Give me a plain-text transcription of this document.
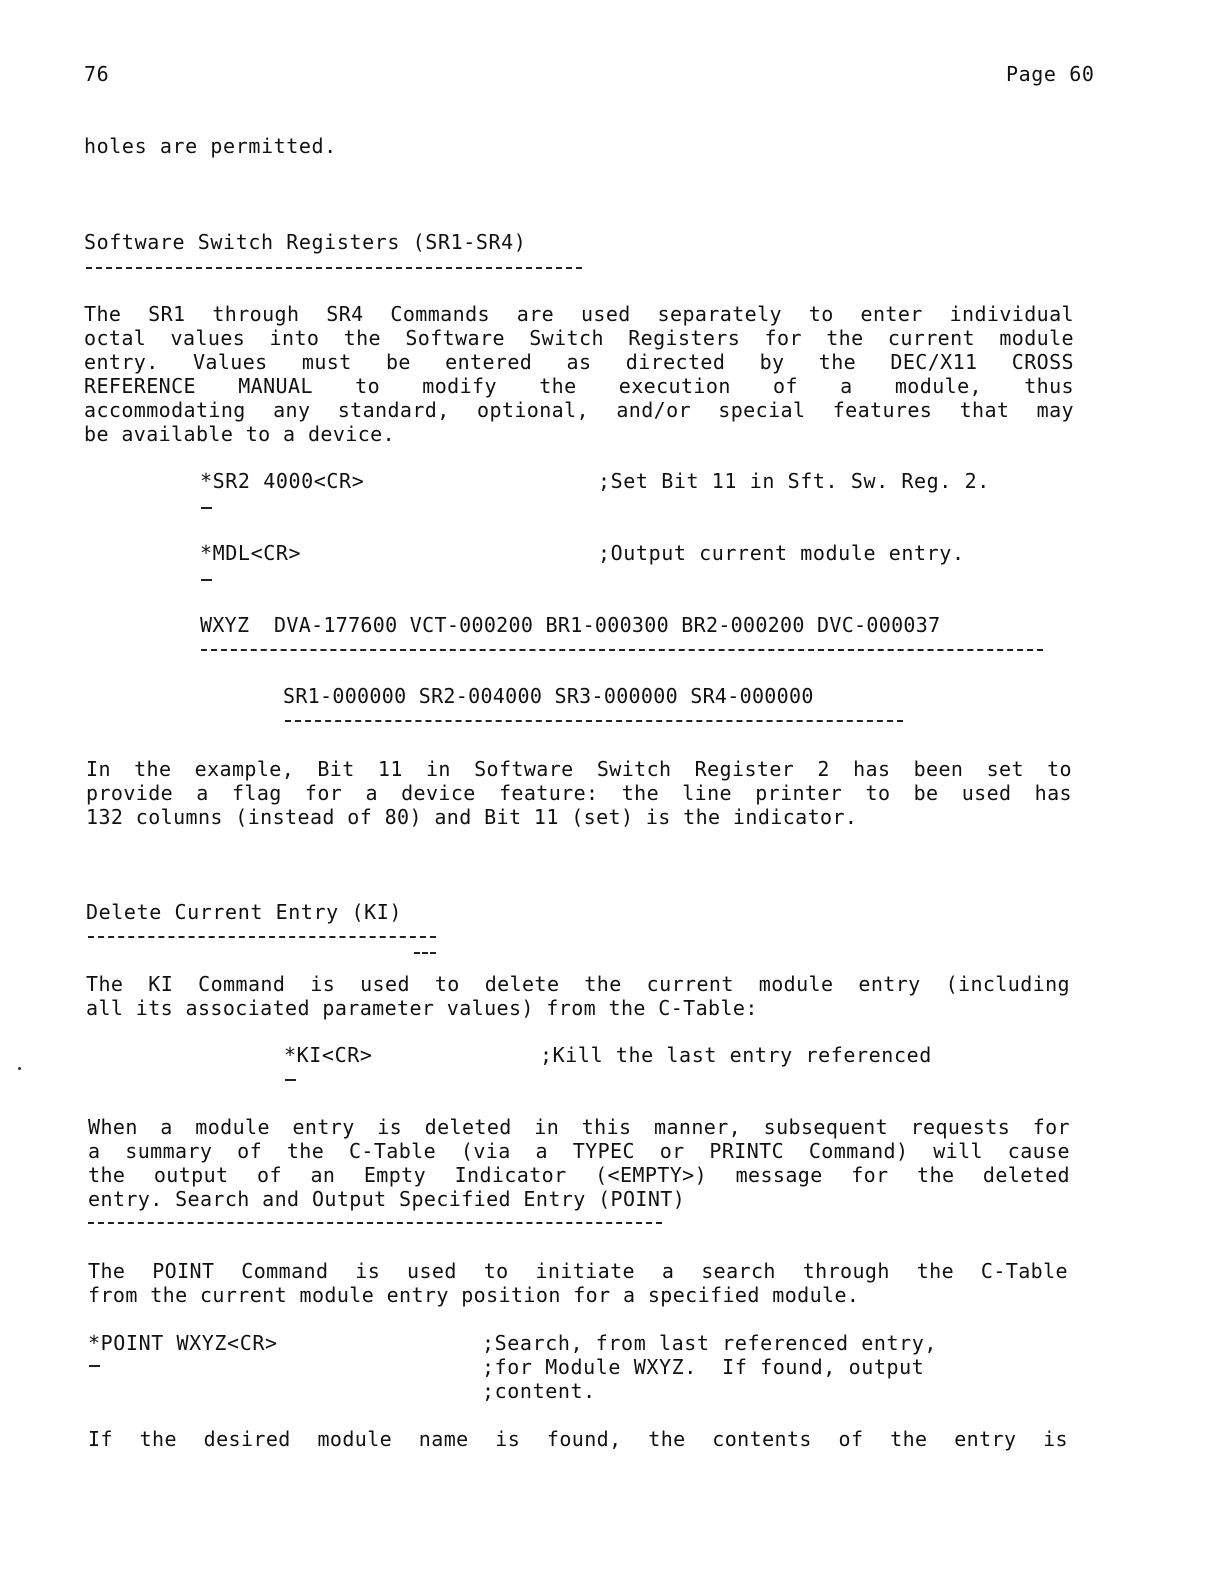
76	Page 60
holes are permitted.
Software Switch Registers (SR1-SR4)
The SR1 through SR4 Commands are used separately to enter individual
octal values into the Software Switch Registers for the current module
entry. Values must be entered as directed by the DEC/X11 CROSS
REFERENCE MANUAL to modify the execution of a module, thus
accommodating any standard, optional, and/or special features that may
be available to a device.
*SR2 4000<CR>	;Set Bit 11 in Sft. Sw. Reg. 2.
*MDL<CR>	;Output current module entry.
WXYZ  DVA-177600 VCT-000200 BR1-000300 BR2-000200 DVC-000037
SR1-000000 SR2-004000 SR3-000000 SR4-000000
In the example, Bit 11 in Software Switch Register 2 has been set to
provide a flag for a device feature: the line printer to be used has
132 columns (instead of 80) and Bit 11 (set) is the indicator.
Delete Current Entry (KI)
The KI Command is used to delete the current module entry (including
all its associated parameter values) from the C-Table:
*KI<CR>	;Kill the last entry referenced
When a module entry is deleted in this manner, subsequent requests for
a summary of the C-Table (via a TYPEC or PRINTC Command) will cause
the output of an Empty Indicator (<EMPTY>) message for the deleted
entry. Search and Output Specified Entry (POINT)
The POINT Command is used to initiate a search through the C-Table
from the current module entry position for a specified module.
*POINT WXYZ<CR>	;Search, from last referenced entry,
;for Module WXYZ.  If found, output
;content.
If the desired module name is found, the contents of the entry is
